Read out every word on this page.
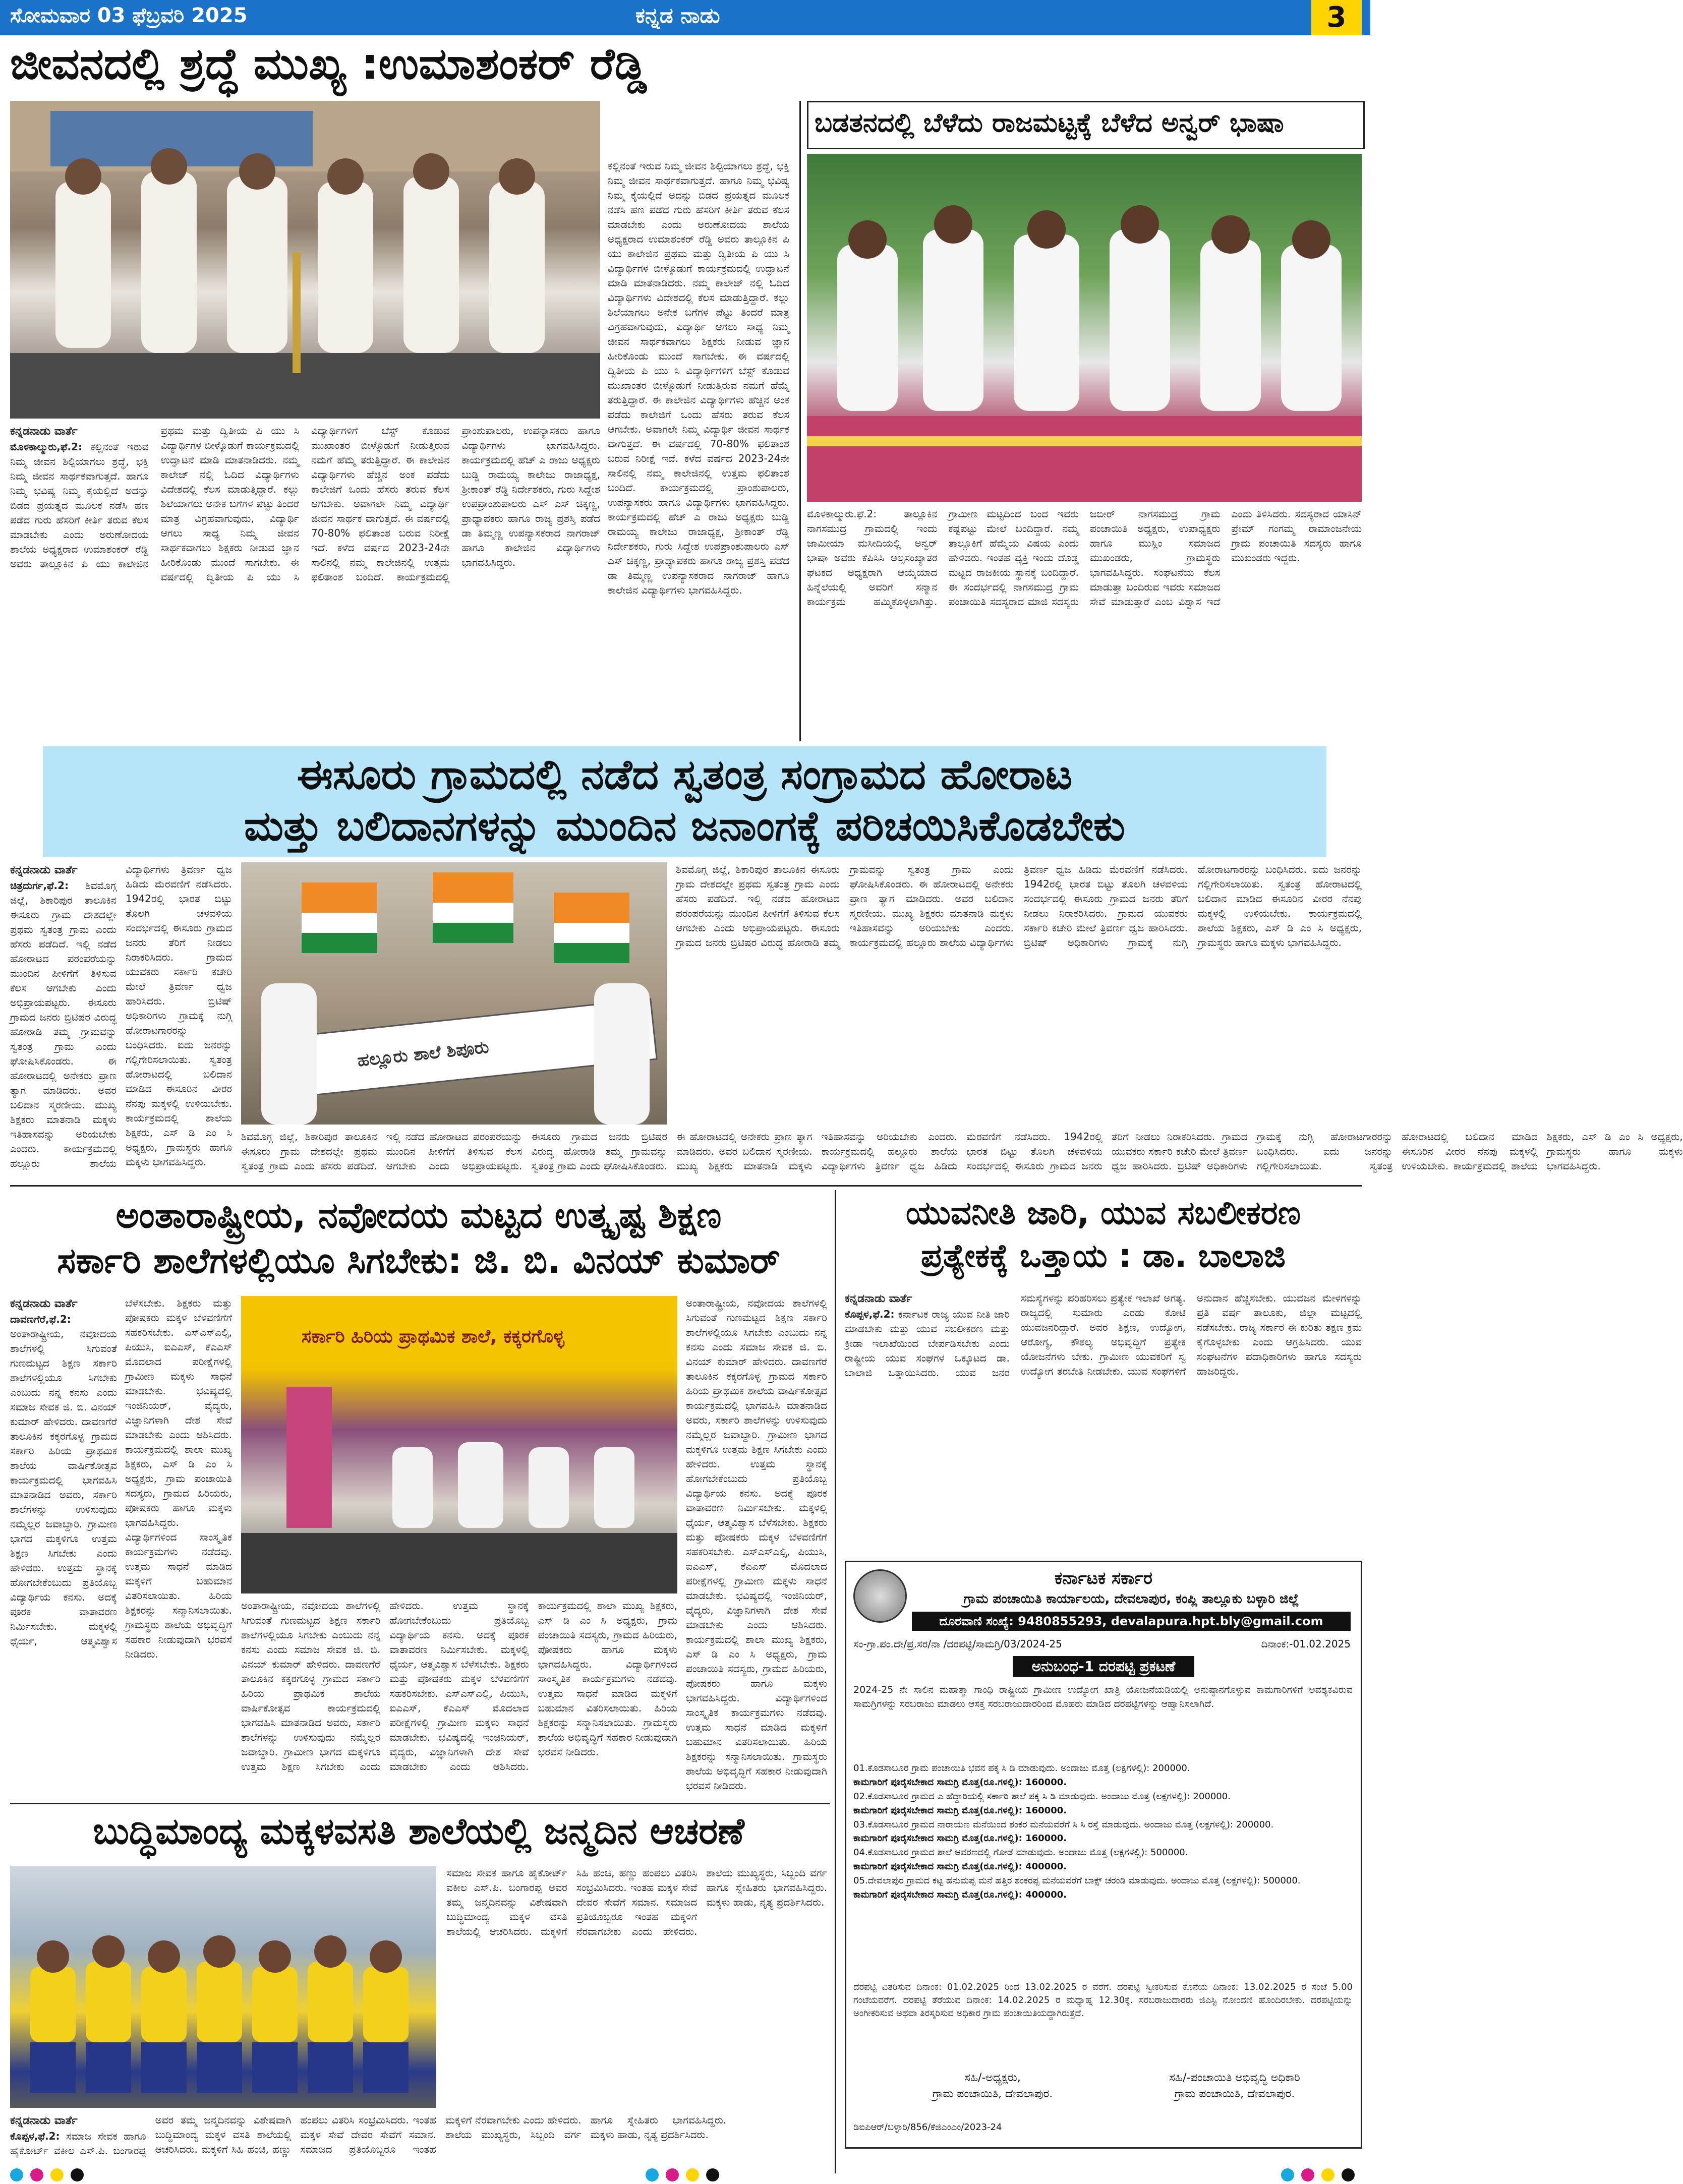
ಸೋಮವಾರ 03 ಫೆಬ್ರವರಿ 2025	ಕನ್ನಡ ನಾಡು	3
ಜೀವನದಲ್ಲಿ ಶ್ರದ್ಧೆ ಮುಖ್ಯ :ಉಮಾಶಂಕರ್ ರೆಡ್ಡಿ
ಕನ್ನಡನಾಡು ವಾರ್ತೆ
ಮೊಳಕಾಲ್ಮುರು,ಫೆ.2: ಕಲ್ಲಿನಂತೆ ಇರುವ ನಿಮ್ಮ ಜೀವನ ಶಿಲ್ಪಿಯಾಗಲು ಶ್ರದ್ಧೆ, ಭಕ್ತಿ ನಿಮ್ಮ ಜೀವನ ಸಾರ್ಥಕವಾಗುತ್ತದೆ. ಹಾಗೂ ನಿಮ್ಮ ಭವಿಷ್ಯ ನಿಮ್ಮ ಕೈಯಲ್ಲಿದೆ ಅದನ್ನು ಬಿಡದ ಪ್ರಯತ್ನದ ಮೂಲಕ ನಡೆಸಿ ಹಣ ಪಡೆದ ಗುರು ಹೆಸರಿಗೆ ಕೀರ್ತಿ ತರುವ ಕೆಲಸ ಮಾಡಬೇಕು ಎಂದು ಅರುಣೋದಯ ಶಾಲೆಯ ಅಧ್ಯಕ್ಷರಾದ ಉಮಾಶಂಕರ್ ರೆಡ್ಡಿ ಅವರು ತಾಲ್ಲೂಕಿನ ಪಿ ಯು ಕಾಲೇಜಿನ ಪ್ರಥಮ ಮತ್ತು ದ್ವಿತೀಯ ಪಿ ಯು ಸಿ ವಿದ್ಯಾರ್ಥಿಗಳ ಬೀಳ್ಕೊಡುಗೆ ಕಾರ್ಯಕ್ರಮದಲ್ಲಿ ಉದ್ಘಾಟನೆ ಮಾಡಿ ಮಾತನಾಡಿದರು. ನಮ್ಮ ಕಾಲೇಜ್ ನಲ್ಲಿ ಓದಿದ ವಿದ್ಯಾರ್ಥಿಗಳು ವಿದೇಶದಲ್ಲಿ ಕೆಲಸ ಮಾಡುತ್ತಿದ್ದಾರೆ. ಕಲ್ಲು ಶಿಲೆಯಾಗಲು ಅನೇಕ ಬಗೆಗಳ ಪೆಟ್ಟು ತಿಂದರೆ ಮಾತ್ರ ವಿಗ್ರಹವಾಗುವುದು, ವಿದ್ಯಾರ್ಥಿ ಆಗಲು ಸಾಧ್ಯ ನಿಮ್ಮ ಜೀವನ ಸಾರ್ಥಕವಾಗಲು ಶಿಕ್ಷಕರು ನೀಡುವ ಜ್ಞಾನ ಹೀರಿಕೊಂಡು ಮುಂದೆ ಸಾಗಬೇಕು. ಈ ವರ್ಷದಲ್ಲಿ ದ್ವಿತೀಯ ಪಿ ಯು ಸಿ ವಿದ್ಯಾರ್ಥಿಗಳಿಗೆ ಬೆಸ್ಟ್ ಕೊಡುವ ಮುಖಾಂತರ ಬೀಳ್ಕೊಡುಗೆ ನೀಡುತ್ತಿರುವ ನಮಗೆ ಹೆಮ್ಮೆ ತರುತ್ತಿದ್ದಾರೆ. ಈ ಕಾಲೇಜಿನ ವಿದ್ಯಾರ್ಥಿಗಳು ಹೆಚ್ಚಿನ ಅಂಕ ಪಡೆದು ಕಾಲೇಜಿಗೆ ಒಂದು ಹೆಸರು ತರುವ ಕೆಲಸ ಆಗಬೇಕು. ಅವಾಗಲೇ ನಿಮ್ಮ ವಿದ್ಯಾರ್ಥಿ ಜೀವನ ಸಾರ್ಥಕ ವಾಗುತ್ತದೆ. ಈ ವರ್ಷದಲ್ಲಿ 70-80% ಫಲಿತಾಂಶ ಬರುವ ನಿರೀಕ್ಷೆ ಇದೆ. ಕಳೆದ ವರ್ಷದ 2023-24ನೇ ಸಾಲಿನಲ್ಲಿ ನಮ್ಮ ಕಾಲೇಜಿನಲ್ಲಿ ಉತ್ತಮ ಫಲಿತಾಂಶ ಬಂದಿದೆ. ಕಾರ್ಯಕ್ರಮದಲ್ಲಿ ಪ್ರಾಂಶುಪಾಲರು, ಉಪನ್ಯಾಸಕರು ಹಾಗೂ ವಿದ್ಯಾರ್ಥಿಗಳು ಭಾಗವಹಿಸಿದ್ದರು. ಕಾರ್ಯಕ್ರಮದಲ್ಲಿ ಹೆಚ್ ಎ ರಾಜು ಅಧ್ಯಕ್ಷರು ಬುಡ್ಡಿ ರಾಮಯ್ಯ ಕಾಲೇಜು ರಾಜಾಧ್ಯಕ್ಷ, ಶ್ರೀಕಾಂತ್ ರೆಡ್ಡಿ ನಿರ್ದೇಶಕರು, ಗುರು ಸಿದ್ದೇಶ ಉಪಪ್ರಾಂಶುಪಾಲರು ಎಸ್ ಎಸ್ ಚಿಕ್ಕಣ್ಣ, ಪ್ರಾಧ್ಯಾಪಕರು ಹಾಗೂ ರಾಜ್ಯ ಪ್ರಶಸ್ತಿ ಪಡೆದ ಡಾ ತಿಮ್ಮಣ್ಣ ಉಪನ್ಯಾಸಕರಾದ ನಾಗರಾಜ್ ಹಾಗೂ ಕಾಲೇಜಿನ ವಿದ್ಯಾರ್ಥಿಗಳು ಭಾಗವಹಿಸಿದ್ದರು.
ಕಲ್ಲಿನಂತೆ ಇರುವ ನಿಮ್ಮ ಜೀವನ ಶಿಲ್ಪಿಯಾಗಲು ಶ್ರದ್ಧೆ, ಭಕ್ತಿ ನಿಮ್ಮ ಜೀವನ ಸಾರ್ಥಕವಾಗುತ್ತದೆ. ಹಾಗೂ ನಿಮ್ಮ ಭವಿಷ್ಯ ನಿಮ್ಮ ಕೈಯಲ್ಲಿದೆ ಅದನ್ನು ಬಿಡದ ಪ್ರಯತ್ನದ ಮೂಲಕ ನಡೆಸಿ ಹಣ ಪಡೆದ ಗುರು ಹೆಸರಿಗೆ ಕೀರ್ತಿ ತರುವ ಕೆಲಸ ಮಾಡಬೇಕು ಎಂದು ಅರುಣೋದಯ ಶಾಲೆಯ ಅಧ್ಯಕ್ಷರಾದ ಉಮಾಶಂಕರ್ ರೆಡ್ಡಿ ಅವರು ತಾಲ್ಲೂಕಿನ ಪಿ ಯು ಕಾಲೇಜಿನ ಪ್ರಥಮ ಮತ್ತು ದ್ವಿತೀಯ ಪಿ ಯು ಸಿ ವಿದ್ಯಾರ್ಥಿಗಳ ಬೀಳ್ಕೊಡುಗೆ ಕಾರ್ಯಕ್ರಮದಲ್ಲಿ ಉದ್ಘಾಟನೆ ಮಾಡಿ ಮಾತನಾಡಿದರು. ನಮ್ಮ ಕಾಲೇಜ್ ನಲ್ಲಿ ಓದಿದ ವಿದ್ಯಾರ್ಥಿಗಳು ವಿದೇಶದಲ್ಲಿ ಕೆಲಸ ಮಾಡುತ್ತಿದ್ದಾರೆ. ಕಲ್ಲು ಶಿಲೆಯಾಗಲು ಅನೇಕ ಬಗೆಗಳ ಪೆಟ್ಟು ತಿಂದರೆ ಮಾತ್ರ ವಿಗ್ರಹವಾಗುವುದು, ವಿದ್ಯಾರ್ಥಿ ಆಗಲು ಸಾಧ್ಯ ನಿಮ್ಮ ಜೀವನ ಸಾರ್ಥಕವಾಗಲು ಶಿಕ್ಷಕರು ನೀಡುವ ಜ್ಞಾನ ಹೀರಿಕೊಂಡು ಮುಂದೆ ಸಾಗಬೇಕು. ಈ ವರ್ಷದಲ್ಲಿ ದ್ವಿತೀಯ ಪಿ ಯು ಸಿ ವಿದ್ಯಾರ್ಥಿಗಳಿಗೆ ಬೆಸ್ಟ್ ಕೊಡುವ ಮುಖಾಂತರ ಬೀಳ್ಕೊಡುಗೆ ನೀಡುತ್ತಿರುವ ನಮಗೆ ಹೆಮ್ಮೆ ತರುತ್ತಿದ್ದಾರೆ. ಈ ಕಾಲೇಜಿನ ವಿದ್ಯಾರ್ಥಿಗಳು ಹೆಚ್ಚಿನ ಅಂಕ ಪಡೆದು ಕಾಲೇಜಿಗೆ ಒಂದು ಹೆಸರು ತರುವ ಕೆಲಸ ಆಗಬೇಕು. ಅವಾಗಲೇ ನಿಮ್ಮ ವಿದ್ಯಾರ್ಥಿ ಜೀವನ ಸಾರ್ಥಕ ವಾಗುತ್ತದೆ. ಈ ವರ್ಷದಲ್ಲಿ 70-80% ಫಲಿತಾಂಶ ಬರುವ ನಿರೀಕ್ಷೆ ಇದೆ. ಕಳೆದ ವರ್ಷದ 2023-24ನೇ ಸಾಲಿನಲ್ಲಿ ನಮ್ಮ ಕಾಲೇಜಿನಲ್ಲಿ ಉತ್ತಮ ಫಲಿತಾಂಶ ಬಂದಿದೆ. ಕಾರ್ಯಕ್ರಮದಲ್ಲಿ ಪ್ರಾಂಶುಪಾಲರು, ಉಪನ್ಯಾಸಕರು ಹಾಗೂ ವಿದ್ಯಾರ್ಥಿಗಳು ಭಾಗವಹಿಸಿದ್ದರು. ಕಾರ್ಯಕ್ರಮದಲ್ಲಿ ಹೆಚ್ ಎ ರಾಜು ಅಧ್ಯಕ್ಷರು ಬುಡ್ಡಿ ರಾಮಯ್ಯ ಕಾಲೇಜು ರಾಜಾಧ್ಯಕ್ಷ, ಶ್ರೀಕಾಂತ್ ರೆಡ್ಡಿ ನಿರ್ದೇಶಕರು, ಗುರು ಸಿದ್ದೇಶ ಉಪಪ್ರಾಂಶುಪಾಲರು ಎಸ್ ಎಸ್ ಚಿಕ್ಕಣ್ಣ, ಪ್ರಾಧ್ಯಾಪಕರು ಹಾಗೂ ರಾಜ್ಯ ಪ್ರಶಸ್ತಿ ಪಡೆದ ಡಾ ತಿಮ್ಮಣ್ಣ ಉಪನ್ಯಾಸಕರಾದ ನಾಗರಾಜ್ ಹಾಗೂ ಕಾಲೇಜಿನ ವಿದ್ಯಾರ್ಥಿಗಳು ಭಾಗವಹಿಸಿದ್ದರು.
ಬಡತನದಲ್ಲಿ ಬೆಳೆದು ರಾಜಮಟ್ಟಕ್ಕೆ ಬೆಳೆದ ಅನ್ವರ್ ಭಾಷಾ
ಮೊಳಕಾಲ್ಮುರು.ಫೆ.2: ತಾಲ್ಲೂಕಿನ ನಾಗಸಮುದ್ರ ಗ್ರಾಮದಲ್ಲಿ ಇಂದು ಜಾಮೀಯಾ ಮಸೀದಿಯಲ್ಲಿ ಅನ್ವರ್ ಭಾಷಾ ಅವರು ಕೆಪಿಸಿಸಿ ಅಲ್ಪಸಂಖ್ಯಾತರ ಘಟಕದ ಅಧ್ಯಕ್ಷರಾಗಿ ಆಯ್ಕೆಯಾದ ಹಿನ್ನೆಲೆಯಲ್ಲಿ ಅವರಿಗೆ ಸನ್ಮಾನ ಕಾರ್ಯಕ್ರಮ ಹಮ್ಮಿಕೊಳ್ಳಲಾಗಿತ್ತು. ಗ್ರಾಮೀಣ ಮಟ್ಟದಿಂದ ಬಂದ ಇವರು ಕಷ್ಟಪಟ್ಟು ಮೇಲೆ ಬಂದಿದ್ದಾರೆ. ನಮ್ಮ ತಾಲ್ಲೂಕಿಗೆ ಹೆಮ್ಮೆಯ ವಿಷಯ ಎಂದು ಹೇಳಿದರು. ಇಂತಹ ವ್ಯಕ್ತಿ ಇಂದು ದೊಡ್ಡ ಮಟ್ಟದ ರಾಜಕೀಯ ಸ್ಥಾನಕ್ಕೆ ಬಂದಿದ್ದಾರೆ. ಈ ಸಂದರ್ಭದಲ್ಲಿ ನಾಗಸಮುದ್ರ ಗ್ರಾಮ ಪಂಚಾಯಿತಿ ಸದಸ್ಯರಾದ ಮಾಜಿ ಸದಸ್ಯರು ಜಬೀರ್ ನಾಗಸಮುದ್ರ ಗ್ರಾಮ ಪಂಚಾಯಿತಿ ಅಧ್ಯಕ್ಷರು, ಉಪಾಧ್ಯಕ್ಷರು ಹಾಗೂ ಮುಸ್ಲಿಂ ಸಮಾಜದ ಮುಖಂಡರು, ಗ್ರಾಮಸ್ಥರು ಭಾಗವಹಿಸಿದ್ದರು. ಸಂಘಟನೆಯ ಕೆಲಸ ಮಾಡುತ್ತಾ ಬಂದಿರುವ ಇವರು ಸಮಾಜದ ಸೇವೆ ಮಾಡುತ್ತಾರೆ ಎಂಬ ವಿಶ್ವಾಸ ಇದೆ ಎಂದು ತಿಳಿಸಿದರು. ಸದಸ್ಯರಾದ ಯಾಸಿನ್ ಪ್ರೇಮ್ ಗಂಗಮ್ಮ ರಾಮಾಂಜನೇಯ ಗ್ರಾಮ ಪಂಚಾಯಿತಿ ಸದಸ್ಯರು ಹಾಗೂ ಮುಖಂಡರು ಇದ್ದರು.
ಈಸೂರು ಗ್ರಾಮದಲ್ಲಿ ನಡೆದ ಸ್ವತಂತ್ರ ಸಂಗ್ರಾಮದ ಹೋರಾಟ
ಮತ್ತು ಬಲಿದಾನಗಳನ್ನು ಮುಂದಿನ ಜನಾಂಗಕ್ಕೆ ಪರಿಚಯಿಸಿಕೊಡಬೇಕು
ಕನ್ನಡನಾಡು ವಾರ್ತೆ
ಚಿತ್ರದುರ್ಗ,ಫೆ.2: ಶಿವಮೊಗ್ಗ ಜಿಲ್ಲೆ, ಶಿಕಾರಿಪುರ ತಾಲೂಕಿನ ಈಸೂರು ಗ್ರಾಮ ದೇಶದಲ್ಲೇ ಪ್ರಥಮ ಸ್ವತಂತ್ರ ಗ್ರಾಮ ಎಂದು ಹೆಸರು ಪಡೆದಿದೆ. ಇಲ್ಲಿ ನಡೆದ ಹೋರಾಟದ ಪರಂಪರೆಯನ್ನು ಮುಂದಿನ ಪೀಳಿಗೆಗೆ ತಿಳಿಸುವ ಕೆಲಸ ಆಗಬೇಕು ಎಂದು ಅಭಿಪ್ರಾಯಪಟ್ಟರು. ಈಸೂರು ಗ್ರಾಮದ ಜನರು ಬ್ರಿಟಿಷರ ವಿರುದ್ಧ ಹೋರಾಡಿ ತಮ್ಮ ಗ್ರಾಮವನ್ನು ಸ್ವತಂತ್ರ ಗ್ರಾಮ ಎಂದು ಘೋಷಿಸಿಕೊಂಡರು. ಈ ಹೋರಾಟದಲ್ಲಿ ಅನೇಕರು ಪ್ರಾಣ ತ್ಯಾಗ ಮಾಡಿದರು. ಅವರ ಬಲಿದಾನ ಸ್ಮರಣೀಯ. ಮುಖ್ಯ ಶಿಕ್ಷಕರು ಮಾತನಾಡಿ ಮಕ್ಕಳು ಇತಿಹಾಸವನ್ನು ಅರಿಯಬೇಕು ಎಂದರು. ಕಾರ್ಯಕ್ರಮದಲ್ಲಿ ಹಲ್ಲೂರು ಶಾಲೆಯ ವಿದ್ಯಾರ್ಥಿಗಳು ತ್ರಿವರ್ಣ ಧ್ವಜ ಹಿಡಿದು ಮೆರವಣಿಗೆ ನಡೆಸಿದರು. 1942ರಲ್ಲಿ ಭಾರತ ಬಿಟ್ಟು ತೊಲಗಿ ಚಳವಳಿಯ ಸಂದರ್ಭದಲ್ಲಿ ಈಸೂರು ಗ್ರಾಮದ ಜನರು ತೆರಿಗೆ ನೀಡಲು ನಿರಾಕರಿಸಿದರು. ಗ್ರಾಮದ ಯುವಕರು ಸರ್ಕಾರಿ ಕಚೇರಿ ಮೇಲೆ ತ್ರಿವರ್ಣ ಧ್ವಜ ಹಾರಿಸಿದರು. ಬ್ರಿಟಿಷ್ ಅಧಿಕಾರಿಗಳು ಗ್ರಾಮಕ್ಕೆ ನುಗ್ಗಿ ಹೋರಾಟಗಾರರನ್ನು ಬಂಧಿಸಿದರು. ಐದು ಜನರನ್ನು ಗಲ್ಲಿಗೇರಿಸಲಾಯಿತು. ಸ್ವತಂತ್ರ ಹೋರಾಟದಲ್ಲಿ ಬಲಿದಾನ ಮಾಡಿದ ಈಸೂರಿನ ವೀರರ ನೆನಪು ಮಕ್ಕಳಲ್ಲಿ ಉಳಿಯಬೇಕು. ಕಾರ್ಯಕ್ರಮದಲ್ಲಿ ಶಾಲೆಯ ಶಿಕ್ಷಕರು, ಎಸ್ ಡಿ ಎಂ ಸಿ ಅಧ್ಯಕ್ಷರು, ಗ್ರಾಮಸ್ಥರು ಹಾಗೂ ಮಕ್ಕಳು ಭಾಗವಹಿಸಿದ್ದರು.
ಹಲ್ಲೂರು ಶಾಲೆ ಶಿಪೂರು
ಶಿವಮೊಗ್ಗ ಜಿಲ್ಲೆ, ಶಿಕಾರಿಪುರ ತಾಲೂಕಿನ ಈಸೂರು ಗ್ರಾಮ ದೇಶದಲ್ಲೇ ಪ್ರಥಮ ಸ್ವತಂತ್ರ ಗ್ರಾಮ ಎಂದು ಹೆಸರು ಪಡೆದಿದೆ. ಇಲ್ಲಿ ನಡೆದ ಹೋರಾಟದ ಪರಂಪರೆಯನ್ನು ಮುಂದಿನ ಪೀಳಿಗೆಗೆ ತಿಳಿಸುವ ಕೆಲಸ ಆಗಬೇಕು ಎಂದು ಅಭಿಪ್ರಾಯಪಟ್ಟರು. ಈಸೂರು ಗ್ರಾಮದ ಜನರು ಬ್ರಿಟಿಷರ ವಿರುದ್ಧ ಹೋರಾಡಿ ತಮ್ಮ ಗ್ರಾಮವನ್ನು ಸ್ವತಂತ್ರ ಗ್ರಾಮ ಎಂದು ಘೋಷಿಸಿಕೊಂಡರು. ಈ ಹೋರಾಟದಲ್ಲಿ ಅನೇಕರು ಪ್ರಾಣ ತ್ಯಾಗ ಮಾಡಿದರು. ಅವರ ಬಲಿದಾನ ಸ್ಮರಣೀಯ. ಮುಖ್ಯ ಶಿಕ್ಷಕರು ಮಾತನಾಡಿ ಮಕ್ಕಳು ಇತಿಹಾಸವನ್ನು ಅರಿಯಬೇಕು ಎಂದರು. ಕಾರ್ಯಕ್ರಮದಲ್ಲಿ ಹಲ್ಲೂರು ಶಾಲೆಯ ವಿದ್ಯಾರ್ಥಿಗಳು ತ್ರಿವರ್ಣ ಧ್ವಜ ಹಿಡಿದು ಮೆರವಣಿಗೆ ನಡೆಸಿದರು. 1942ರಲ್ಲಿ ಭಾರತ ಬಿಟ್ಟು ತೊಲಗಿ ಚಳವಳಿಯ ಸಂದರ್ಭದಲ್ಲಿ ಈಸೂರು ಗ್ರಾಮದ ಜನರು ತೆರಿಗೆ ನೀಡಲು ನಿರಾಕರಿಸಿದರು. ಗ್ರಾಮದ ಯುವಕರು ಸರ್ಕಾರಿ ಕಚೇರಿ ಮೇಲೆ ತ್ರಿವರ್ಣ ಧ್ವಜ ಹಾರಿಸಿದರು. ಬ್ರಿಟಿಷ್ ಅಧಿಕಾರಿಗಳು ಗ್ರಾಮಕ್ಕೆ ನುಗ್ಗಿ ಹೋರಾಟಗಾರರನ್ನು ಬಂಧಿಸಿದರು. ಐದು ಜನರನ್ನು ಗಲ್ಲಿಗೇರಿಸಲಾಯಿತು. ಸ್ವತಂತ್ರ ಹೋರಾಟದಲ್ಲಿ ಬಲಿದಾನ ಮಾಡಿದ ಈಸೂರಿನ ವೀರರ ನೆನಪು ಮಕ್ಕಳಲ್ಲಿ ಉಳಿಯಬೇಕು. ಕಾರ್ಯಕ್ರಮದಲ್ಲಿ ಶಾಲೆಯ ಶಿಕ್ಷಕರು, ಎಸ್ ಡಿ ಎಂ ಸಿ ಅಧ್ಯಕ್ಷರು, ಗ್ರಾಮಸ್ಥರು ಹಾಗೂ ಮಕ್ಕಳು ಭಾಗವಹಿಸಿದ್ದರು.
ಶಿವಮೊಗ್ಗ ಜಿಲ್ಲೆ, ಶಿಕಾರಿಪುರ ತಾಲೂಕಿನ ಈಸೂರು ಗ್ರಾಮ ದೇಶದಲ್ಲೇ ಪ್ರಥಮ ಸ್ವತಂತ್ರ ಗ್ರಾಮ ಎಂದು ಹೆಸರು ಪಡೆದಿದೆ. ಇಲ್ಲಿ ನಡೆದ ಹೋರಾಟದ ಪರಂಪರೆಯನ್ನು ಮುಂದಿನ ಪೀಳಿಗೆಗೆ ತಿಳಿಸುವ ಕೆಲಸ ಆಗಬೇಕು ಎಂದು ಅಭಿಪ್ರಾಯಪಟ್ಟರು. ಈಸೂರು ಗ್ರಾಮದ ಜನರು ಬ್ರಿಟಿಷರ ವಿರುದ್ಧ ಹೋರಾಡಿ ತಮ್ಮ ಗ್ರಾಮವನ್ನು ಸ್ವತಂತ್ರ ಗ್ರಾಮ ಎಂದು ಘೋಷಿಸಿಕೊಂಡರು. ಈ ಹೋರಾಟದಲ್ಲಿ ಅನೇಕರು ಪ್ರಾಣ ತ್ಯಾಗ ಮಾಡಿದರು. ಅವರ ಬಲಿದಾನ ಸ್ಮರಣೀಯ. ಮುಖ್ಯ ಶಿಕ್ಷಕರು ಮಾತನಾಡಿ ಮಕ್ಕಳು ಇತಿಹಾಸವನ್ನು ಅರಿಯಬೇಕು ಎಂದರು. ಕಾರ್ಯಕ್ರಮದಲ್ಲಿ ಹಲ್ಲೂರು ಶಾಲೆಯ ವಿದ್ಯಾರ್ಥಿಗಳು ತ್ರಿವರ್ಣ ಧ್ವಜ ಹಿಡಿದು ಮೆರವಣಿಗೆ ನಡೆಸಿದರು. 1942ರಲ್ಲಿ ಭಾರತ ಬಿಟ್ಟು ತೊಲಗಿ ಚಳವಳಿಯ ಸಂದರ್ಭದಲ್ಲಿ ಈಸೂರು ಗ್ರಾಮದ ಜನರು ತೆರಿಗೆ ನೀಡಲು ನಿರಾಕರಿಸಿದರು. ಗ್ರಾಮದ ಯುವಕರು ಸರ್ಕಾರಿ ಕಚೇರಿ ಮೇಲೆ ತ್ರಿವರ್ಣ ಧ್ವಜ ಹಾರಿಸಿದರು. ಬ್ರಿಟಿಷ್ ಅಧಿಕಾರಿಗಳು ಗ್ರಾಮಕ್ಕೆ ನುಗ್ಗಿ ಹೋರಾಟಗಾರರನ್ನು ಬಂಧಿಸಿದರು. ಐದು ಜನರನ್ನು ಗಲ್ಲಿಗೇರಿಸಲಾಯಿತು. ಸ್ವತಂತ್ರ ಹೋರಾಟದಲ್ಲಿ ಬಲಿದಾನ ಮಾಡಿದ ಈಸೂರಿನ ವೀರರ ನೆನಪು ಮಕ್ಕಳಲ್ಲಿ ಉಳಿಯಬೇಕು. ಕಾರ್ಯಕ್ರಮದಲ್ಲಿ ಶಾಲೆಯ ಶಿಕ್ಷಕರು, ಎಸ್ ಡಿ ಎಂ ಸಿ ಅಧ್ಯಕ್ಷರು, ಗ್ರಾಮಸ್ಥರು ಹಾಗೂ ಮಕ್ಕಳು ಭಾಗವಹಿಸಿದ್ದರು.
ಅಂತಾರಾಷ್ಟ್ರೀಯ, ನವೋದಯ ಮಟ್ಟದ ಉತ್ಕೃಷ್ಟ ಶಿಕ್ಷಣ
ಸರ್ಕಾರಿ ಶಾಲೆಗಳಲ್ಲಿಯೂ ಸಿಗಬೇಕು: ಜಿ. ಬಿ. ವಿನಯ್ ಕುಮಾರ್
ಕನ್ನಡನಾಡು ವಾರ್ತೆ
ದಾವಣಗೆರೆ,ಫೆ.2: ಅಂತಾರಾಷ್ಟ್ರೀಯ, ನವೋದಯ ಶಾಲೆಗಳಲ್ಲಿ ಸಿಗುವಂತೆ ಗುಣಮಟ್ಟದ ಶಿಕ್ಷಣ ಸರ್ಕಾರಿ ಶಾಲೆಗಳಲ್ಲಿಯೂ ಸಿಗಬೇಕು ಎಂಬುದು ನನ್ನ ಕನಸು ಎಂದು ಸಮಾಜ ಸೇವಕ ಜಿ. ಬಿ. ವಿನಯ್ ಕುಮಾರ್ ಹೇಳಿದರು. ದಾವಣಗೆರೆ ತಾಲೂಕಿನ ಕಕ್ಕರಗೊಳ್ಳ ಗ್ರಾಮದ ಸರ್ಕಾರಿ ಹಿರಿಯ ಪ್ರಾಥಮಿಕ ಶಾಲೆಯ ವಾರ್ಷಿಕೋತ್ಸವ ಕಾರ್ಯಕ್ರಮದಲ್ಲಿ ಭಾಗವಹಿಸಿ ಮಾತನಾಡಿದ ಅವರು, ಸರ್ಕಾರಿ ಶಾಲೆಗಳನ್ನು ಉಳಿಸುವುದು ನಮ್ಮೆಲ್ಲರ ಜವಾಬ್ದಾರಿ. ಗ್ರಾಮೀಣ ಭಾಗದ ಮಕ್ಕಳಿಗೂ ಉತ್ತಮ ಶಿಕ್ಷಣ ಸಿಗಬೇಕು ಎಂದು ಹೇಳಿದರು. ಉತ್ತಮ ಸ್ಥಾನಕ್ಕೆ ಹೋಗಬೇಕೆಂಬುದು ಪ್ರತಿಯೊಬ್ಬ ವಿದ್ಯಾರ್ಥಿಯ ಕನಸು. ಅದಕ್ಕೆ ಪೂರಕ ವಾತಾವರಣ ನಿರ್ಮಿಸಬೇಕು. ಮಕ್ಕಳಲ್ಲಿ ಧೈರ್ಯ, ಆತ್ಮವಿಶ್ವಾಸ ಬೆಳೆಸಬೇಕು. ಶಿಕ್ಷಕರು ಮತ್ತು ಪೋಷಕರು ಮಕ್ಕಳ ಬೆಳವಣಿಗೆಗೆ ಸಹಕರಿಸಬೇಕು. ಎಸ್ಎಸ್ಎಲ್ಸಿ, ಪಿಯುಸಿ, ಐಎಎಸ್, ಕೆಎಎಸ್ ಮೊದಲಾದ ಪರೀಕ್ಷೆಗಳಲ್ಲಿ ಗ್ರಾಮೀಣ ಮಕ್ಕಳು ಸಾಧನೆ ಮಾಡಬೇಕು. ಭವಿಷ್ಯದಲ್ಲಿ ಇಂಜಿನಿಯರ್, ವೈದ್ಯರು, ವಿಜ್ಞಾನಿಗಳಾಗಿ ದೇಶ ಸೇವೆ ಮಾಡಬೇಕು ಎಂದು ಆಶಿಸಿದರು. ಕಾರ್ಯಕ್ರಮದಲ್ಲಿ ಶಾಲಾ ಮುಖ್ಯ ಶಿಕ್ಷಕರು, ಎಸ್ ಡಿ ಎಂ ಸಿ ಅಧ್ಯಕ್ಷರು, ಗ್ರಾಮ ಪಂಚಾಯಿತಿ ಸದಸ್ಯರು, ಗ್ರಾಮದ ಹಿರಿಯರು, ಪೋಷಕರು ಹಾಗೂ ಮಕ್ಕಳು ಭಾಗವಹಿಸಿದ್ದರು. ವಿದ್ಯಾರ್ಥಿಗಳಿಂದ ಸಾಂಸ್ಕೃತಿಕ ಕಾರ್ಯಕ್ರಮಗಳು ನಡೆದವು. ಉತ್ತಮ ಸಾಧನೆ ಮಾಡಿದ ಮಕ್ಕಳಿಗೆ ಬಹುಮಾನ ವಿತರಿಸಲಾಯಿತು. ಹಿರಿಯ ಶಿಕ್ಷಕರನ್ನು ಸನ್ಮಾನಿಸಲಾಯಿತು. ಗ್ರಾಮಸ್ಥರು ಶಾಲೆಯ ಅಭಿವೃದ್ಧಿಗೆ ಸಹಕಾರ ನೀಡುವುದಾಗಿ ಭರವಸೆ ನೀಡಿದರು.
ಸರ್ಕಾರಿ ಹಿರಿಯ ಪ್ರಾಥಮಿಕ ಶಾಲೆ, ಕಕ್ಕರಗೊಳ್ಳ
ಅಂತಾರಾಷ್ಟ್ರೀಯ, ನವೋದಯ ಶಾಲೆಗಳಲ್ಲಿ ಸಿಗುವಂತೆ ಗುಣಮಟ್ಟದ ಶಿಕ್ಷಣ ಸರ್ಕಾರಿ ಶಾಲೆಗಳಲ್ಲಿಯೂ ಸಿಗಬೇಕು ಎಂಬುದು ನನ್ನ ಕನಸು ಎಂದು ಸಮಾಜ ಸೇವಕ ಜಿ. ಬಿ. ವಿನಯ್ ಕುಮಾರ್ ಹೇಳಿದರು. ದಾವಣಗೆರೆ ತಾಲೂಕಿನ ಕಕ್ಕರಗೊಳ್ಳ ಗ್ರಾಮದ ಸರ್ಕಾರಿ ಹಿರಿಯ ಪ್ರಾಥಮಿಕ ಶಾಲೆಯ ವಾರ್ಷಿಕೋತ್ಸವ ಕಾರ್ಯಕ್ರಮದಲ್ಲಿ ಭಾಗವಹಿಸಿ ಮಾತನಾಡಿದ ಅವರು, ಸರ್ಕಾರಿ ಶಾಲೆಗಳನ್ನು ಉಳಿಸುವುದು ನಮ್ಮೆಲ್ಲರ ಜವಾಬ್ದಾರಿ. ಗ್ರಾಮೀಣ ಭಾಗದ ಮಕ್ಕಳಿಗೂ ಉತ್ತಮ ಶಿಕ್ಷಣ ಸಿಗಬೇಕು ಎಂದು ಹೇಳಿದರು. ಉತ್ತಮ ಸ್ಥಾನಕ್ಕೆ ಹೋಗಬೇಕೆಂಬುದು ಪ್ರತಿಯೊಬ್ಬ ವಿದ್ಯಾರ್ಥಿಯ ಕನಸು. ಅದಕ್ಕೆ ಪೂರಕ ವಾತಾವರಣ ನಿರ್ಮಿಸಬೇಕು. ಮಕ್ಕಳಲ್ಲಿ ಧೈರ್ಯ, ಆತ್ಮವಿಶ್ವಾಸ ಬೆಳೆಸಬೇಕು. ಶಿಕ್ಷಕರು ಮತ್ತು ಪೋಷಕರು ಮಕ್ಕಳ ಬೆಳವಣಿಗೆಗೆ ಸಹಕರಿಸಬೇಕು. ಎಸ್ಎಸ್ಎಲ್ಸಿ, ಪಿಯುಸಿ, ಐಎಎಸ್, ಕೆಎಎಸ್ ಮೊದಲಾದ ಪರೀಕ್ಷೆಗಳಲ್ಲಿ ಗ್ರಾಮೀಣ ಮಕ್ಕಳು ಸಾಧನೆ ಮಾಡಬೇಕು. ಭವಿಷ್ಯದಲ್ಲಿ ಇಂಜಿನಿಯರ್, ವೈದ್ಯರು, ವಿಜ್ಞಾನಿಗಳಾಗಿ ದೇಶ ಸೇವೆ ಮಾಡಬೇಕು ಎಂದು ಆಶಿಸಿದರು. ಕಾರ್ಯಕ್ರಮದಲ್ಲಿ ಶಾಲಾ ಮುಖ್ಯ ಶಿಕ್ಷಕರು, ಎಸ್ ಡಿ ಎಂ ಸಿ ಅಧ್ಯಕ್ಷರು, ಗ್ರಾಮ ಪಂಚಾಯಿತಿ ಸದಸ್ಯರು, ಗ್ರಾಮದ ಹಿರಿಯರು, ಪೋಷಕರು ಹಾಗೂ ಮಕ್ಕಳು ಭಾಗವಹಿಸಿದ್ದರು. ವಿದ್ಯಾರ್ಥಿಗಳಿಂದ ಸಾಂಸ್ಕೃತಿಕ ಕಾರ್ಯಕ್ರಮಗಳು ನಡೆದವು. ಉತ್ತಮ ಸಾಧನೆ ಮಾಡಿದ ಮಕ್ಕಳಿಗೆ ಬಹುಮಾನ ವಿತರಿಸಲಾಯಿತು. ಹಿರಿಯ ಶಿಕ್ಷಕರನ್ನು ಸನ್ಮಾನಿಸಲಾಯಿತು. ಗ್ರಾಮಸ್ಥರು ಶಾಲೆಯ ಅಭಿವೃದ್ಧಿಗೆ ಸಹಕಾರ ನೀಡುವುದಾಗಿ ಭರವಸೆ ನೀಡಿದರು.
ಅಂತಾರಾಷ್ಟ್ರೀಯ, ನವೋದಯ ಶಾಲೆಗಳಲ್ಲಿ ಸಿಗುವಂತೆ ಗುಣಮಟ್ಟದ ಶಿಕ್ಷಣ ಸರ್ಕಾರಿ ಶಾಲೆಗಳಲ್ಲಿಯೂ ಸಿಗಬೇಕು ಎಂಬುದು ನನ್ನ ಕನಸು ಎಂದು ಸಮಾಜ ಸೇವಕ ಜಿ. ಬಿ. ವಿನಯ್ ಕುಮಾರ್ ಹೇಳಿದರು. ದಾವಣಗೆರೆ ತಾಲೂಕಿನ ಕಕ್ಕರಗೊಳ್ಳ ಗ್ರಾಮದ ಸರ್ಕಾರಿ ಹಿರಿಯ ಪ್ರಾಥಮಿಕ ಶಾಲೆಯ ವಾರ್ಷಿಕೋತ್ಸವ ಕಾರ್ಯಕ್ರಮದಲ್ಲಿ ಭಾಗವಹಿಸಿ ಮಾತನಾಡಿದ ಅವರು, ಸರ್ಕಾರಿ ಶಾಲೆಗಳನ್ನು ಉಳಿಸುವುದು ನಮ್ಮೆಲ್ಲರ ಜವಾಬ್ದಾರಿ. ಗ್ರಾಮೀಣ ಭಾಗದ ಮಕ್ಕಳಿಗೂ ಉತ್ತಮ ಶಿಕ್ಷಣ ಸಿಗಬೇಕು ಎಂದು ಹೇಳಿದರು. ಉತ್ತಮ ಸ್ಥಾನಕ್ಕೆ ಹೋಗಬೇಕೆಂಬುದು ಪ್ರತಿಯೊಬ್ಬ ವಿದ್ಯಾರ್ಥಿಯ ಕನಸು. ಅದಕ್ಕೆ ಪೂರಕ ವಾತಾವರಣ ನಿರ್ಮಿಸಬೇಕು. ಮಕ್ಕಳಲ್ಲಿ ಧೈರ್ಯ, ಆತ್ಮವಿಶ್ವಾಸ ಬೆಳೆಸಬೇಕು. ಶಿಕ್ಷಕರು ಮತ್ತು ಪೋಷಕರು ಮಕ್ಕಳ ಬೆಳವಣಿಗೆಗೆ ಸಹಕರಿಸಬೇಕು. ಎಸ್ಎಸ್ಎಲ್ಸಿ, ಪಿಯುಸಿ, ಐಎಎಸ್, ಕೆಎಎಸ್ ಮೊದಲಾದ ಪರೀಕ್ಷೆಗಳಲ್ಲಿ ಗ್ರಾಮೀಣ ಮಕ್ಕಳು ಸಾಧನೆ ಮಾಡಬೇಕು. ಭವಿಷ್ಯದಲ್ಲಿ ಇಂಜಿನಿಯರ್, ವೈದ್ಯರು, ವಿಜ್ಞಾನಿಗಳಾಗಿ ದೇಶ ಸೇವೆ ಮಾಡಬೇಕು ಎಂದು ಆಶಿಸಿದರು. ಕಾರ್ಯಕ್ರಮದಲ್ಲಿ ಶಾಲಾ ಮುಖ್ಯ ಶಿಕ್ಷಕರು, ಎಸ್ ಡಿ ಎಂ ಸಿ ಅಧ್ಯಕ್ಷರು, ಗ್ರಾಮ ಪಂಚಾಯಿತಿ ಸದಸ್ಯರು, ಗ್ರಾಮದ ಹಿರಿಯರು, ಪೋಷಕರು ಹಾಗೂ ಮಕ್ಕಳು ಭಾಗವಹಿಸಿದ್ದರು. ವಿದ್ಯಾರ್ಥಿಗಳಿಂದ ಸಾಂಸ್ಕೃತಿಕ ಕಾರ್ಯಕ್ರಮಗಳು ನಡೆದವು. ಉತ್ತಮ ಸಾಧನೆ ಮಾಡಿದ ಮಕ್ಕಳಿಗೆ ಬಹುಮಾನ ವಿತರಿಸಲಾಯಿತು. ಹಿರಿಯ ಶಿಕ್ಷಕರನ್ನು ಸನ್ಮಾನಿಸಲಾಯಿತು. ಗ್ರಾಮಸ್ಥರು ಶಾಲೆಯ ಅಭಿವೃದ್ಧಿಗೆ ಸಹಕಾರ ನೀಡುವುದಾಗಿ ಭರವಸೆ ನೀಡಿದರು.
ಯುವನೀತಿ ಜಾರಿ, ಯುವ ಸಬಲೀಕರಣ
ಪ್ರತ್ಯೇಕಕ್ಕೆ ಒತ್ತಾಯ : ಡಾ. ಬಾಲಾಜಿ
ಕನ್ನಡನಾಡು ವಾರ್ತೆ
ಕೊಪ್ಪಳ,ಫೆ.2: ಕರ್ನಾಟಕ ರಾಜ್ಯ ಯುವ ನೀತಿ ಜಾರಿ ಮಾಡಬೇಕು ಮತ್ತು ಯುವ ಸಬಲೀಕರಣ ಮತ್ತು ಕ್ರೀಡಾ ಇಲಾಖೆಯಿಂದ ಬೇರ್ಪಡಿಸಬೇಕು ಎಂದು ರಾಷ್ಟ್ರೀಯ ಯುವ ಸಂಘಗಳ ಒಕ್ಕೂಟದ ಡಾ. ಬಾಲಾಜಿ ಒತ್ತಾಯಿಸಿದರು. ಯುವ ಜನರ ಸಮಸ್ಯೆಗಳನ್ನು ಪರಿಹರಿಸಲು ಪ್ರತ್ಯೇಕ ಇಲಾಖೆ ಅಗತ್ಯ. ರಾಜ್ಯದಲ್ಲಿ ಸುಮಾರು ಎರಡು ಕೋಟಿ ಯುವಜನರಿದ್ದಾರೆ. ಅವರ ಶಿಕ್ಷಣ, ಉದ್ಯೋಗ, ಆರೋಗ್ಯ, ಕೌಶಲ್ಯ ಅಭಿವೃದ್ಧಿಗೆ ಪ್ರತ್ಯೇಕ ಯೋಜನೆಗಳು ಬೇಕು. ಗ್ರಾಮೀಣ ಯುವಕರಿಗೆ ಸ್ವ ಉದ್ಯೋಗ ತರಬೇತಿ ನೀಡಬೇಕು. ಯುವ ಸಂಘಗಳಿಗೆ ಅನುದಾನ ಹೆಚ್ಚಿಸಬೇಕು. ಯುವಜನ ಮೇಳಗಳನ್ನು ಪ್ರತಿ ವರ್ಷ ತಾಲೂಕು, ಜಿಲ್ಲಾ ಮಟ್ಟದಲ್ಲಿ ನಡೆಸಬೇಕು. ರಾಜ್ಯ ಸರ್ಕಾರ ಈ ಕುರಿತು ತಕ್ಷಣ ಕ್ರಮ ಕೈಗೊಳ್ಳಬೇಕು ಎಂದು ಆಗ್ರಹಿಸಿದರು. ಯುವ ಸಂಘಟನೆಗಳ ಪದಾಧಿಕಾರಿಗಳು ಹಾಗೂ ಸದಸ್ಯರು ಹಾಜರಿದ್ದರು.
ಕರ್ನಾಟಕ ಸರ್ಕಾರ
ಗ್ರಾಮ ಪಂಚಾಯಿತಿ ಕಾರ್ಯಾಲಯ, ದೇವಲಾಪುರ, ಕಂಪ್ಲಿ ತಾಲ್ಲೂಕು ಬಳ್ಳಾರಿ ಜಿಲ್ಲೆ
ದೂರವಾಣಿ ಸಂಖ್ಯೆ: 9480855293, devalapura.hpt.bly@gmail.com
ಸಂ-ಗ್ರಾ.ಪಂ.ದೇ/ಪ್ರ.ಸರ/ನಾ /ದರಪಟ್ಟಿ/ಸಾಮಗ್ರಿ/03/2024-25	ದಿನಾಂಕ:-01.02.2025
ಅನುಬಂಧ-1 ದರಪಟ್ಟಿ ಪ್ರಕಟಣೆ
2024-25 ನೇ ಸಾಲಿನ ಮಹಾತ್ಮಾ ಗಾಂಧಿ ರಾಷ್ಟ್ರೀಯ ಗ್ರಾಮೀಣ ಉದ್ಯೋಗ ಖಾತ್ರಿ ಯೋಜನೆಯಡಿಯಲ್ಲಿ ಅನುಷ್ಠಾನಗೊಳ್ಳುವ ಕಾಮಗಾರಿಗಳಿಗೆ ಅವಶ್ಯಕವಿರುವ ಸಾಮಗ್ರಿಗಳನ್ನು ಸರಬರಾಜು ಮಾಡಲು ಆಸಕ್ತ ಸರಬರಾಜುದಾರರಿಂದ ಮೊಹರು ಮಾಡಿದ ದರಪಟ್ಟಿಗಳನ್ನು ಆಹ್ವಾನಿಸಲಾಗಿದೆ.

01.ಕೊಡಸಾಬೂರ ಗ್ರಾಮ ಪಂಚಾಯಿತಿ ಭವನ ಪಕ್ಕ ಸಿ ಡಿ ಮಾಡುವುದು. ಅಂದಾಜು ಮೊತ್ತ (ಲಕ್ಷಗಳಲ್ಲಿ): 200000.

ಕಾಮಗಾರಿಗೆ ಪೂರೈಸಬೇಕಾದ ಸಾಮಗ್ರಿ ಮೊತ್ತ(ರೂ.ಗಳಲ್ಲಿ): 160000.

02.ಕೊಡಸಾಬೂರ ಗ್ರಾಮದ ಎ ಹೆದ್ದಾರಿಯಲ್ಲಿ ಸರ್ಕಾರಿ ಶಾಲೆ ಪಕ್ಕ ಸಿ ಡಿ ಮಾಡುವುದು. ಅಂದಾಜು ಮೊತ್ತ (ಲಕ್ಷಗಳಲ್ಲಿ): 200000.

ಕಾಮಗಾರಿಗೆ ಪೂರೈಸಬೇಕಾದ ಸಾಮಗ್ರಿ ಮೊತ್ತ(ರೂ.ಗಳಲ್ಲಿ): 160000.

03.ಕೊಡಸಾಬೂರ ಗ್ರಾಮದ ನಾರಾಯಣ ಮನೆಯಿಂದ ಶಂಕರ ಮನೆಯವರೆಗೆ ಸಿ ಸಿ ರಸ್ತೆ ಮಾಡುವುದು. ಅಂದಾಜು ಮೊತ್ತ (ಲಕ್ಷಗಳಲ್ಲಿ): 200000.

ಕಾಮಗಾರಿಗೆ ಪೂರೈಸಬೇಕಾದ ಸಾಮಗ್ರಿ ಮೊತ್ತ(ರೂ.ಗಳಲ್ಲಿ): 160000.

04.ಕೊಡಸಾಬೂರ ಗ್ರಾಮದ ಶಾಲೆ ಆವರಣದಲ್ಲಿ ಗೋಡೆ ಮಾಡುವುದು. ಅಂದಾಜು ಮೊತ್ತ (ಲಕ್ಷಗಳಲ್ಲಿ): 500000.

ಕಾಮಗಾರಿಗೆ ಪೂರೈಸಬೇಕಾದ ಸಾಮಗ್ರಿ ಮೊತ್ತ(ರೂ.ಗಳಲ್ಲಿ): 400000.

05.ದೇವಲಾಪುರ ಗ್ರಾಮದ ಕಟ್ಟ ಹನುಮಪ್ಪ ಮನೆ ಹತ್ತಿರ ಶಂಕರಪ್ಪ ಮನೆಯವರೆಗೆ ಬಾಕ್ಸ್ ಚರಂಡಿ ಮಾಡುವುದು. ಅಂದಾಜು ಮೊತ್ತ (ಲಕ್ಷಗಳಲ್ಲಿ): 500000.

ಕಾಮಗಾರಿಗೆ ಪೂರೈಸಬೇಕಾದ ಸಾಮಗ್ರಿ ಮೊತ್ತ(ರೂ.ಗಳಲ್ಲಿ): 400000.

ದರಪಟ್ಟಿ ವಿತರಿಸುವ ದಿನಾಂಕ: 01.02.2025 ರಿಂದ 13.02.2025 ರ ವರೆಗೆ. ದರಪಟ್ಟಿ ಸ್ವೀಕರಿಸುವ ಕೊನೆಯ ದಿನಾಂಕ: 13.02.2025 ರ ಸಂಜೆ 5.00 ಗಂಟೆಯವರೆಗೆ. ದರಪಟ್ಟಿ ತೆರೆಯುವ ದಿನಾಂಕ: 14.02.2025 ರ ಮಧ್ಯಾಹ್ನ 12.30ಕ್ಕೆ. ಸರಬರಾಜುದಾರರು ಜಿಎಸ್ಟಿ ನೋಂದಣಿ ಹೊಂದಿರಬೇಕು. ದರಪಟ್ಟಿಯನ್ನು ಅಂಗೀಕರಿಸುವ ಅಥವಾ ತಿರಸ್ಕರಿಸುವ ಅಧಿಕಾರ ಗ್ರಾಮ ಪಂಚಾಯಿತಿಯದ್ದಾಗಿರುತ್ತದೆ.
ಸಹಿ/-ಅಧ್ಯಕ್ಷರು,
ಗ್ರಾಮ ಪಂಚಾಯಿತಿ, ದೇವಲಾಪುರ.
ಸಹಿ/-ಪಂಚಾಯಿತಿ ಅಭಿವೃದ್ಧಿ ಅಧಿಕಾರಿ
ಗ್ರಾಮ ಪಂಚಾಯಿತಿ, ದೇವಲಾಪುರ.
ಡಿಐಪಿಆರ್/ಬಳ್ಳಾರಿ/856/ಕೆಜಿಎಂಎಂ/2023-24
ಬುದ್ಧಿಮಾಂದ್ಯ ಮಕ್ಕಳವಸತಿ ಶಾಲೆಯಲ್ಲಿ ಜನ್ಮದಿನ ಆಚರಣೆ
ಕನ್ನಡನಾಡು ವಾರ್ತೆ
ಕೊಪ್ಪಳ,ಫೆ.2: ಸಮಾಜ ಸೇವಕ ಹಾಗೂ ಹೈಕೋರ್ಟ್ ವಕೀಲ ಎಸ್.ಪಿ. ಬಂಗಾರಪ್ಪ ಅವರ ತಮ್ಮ ಜನ್ಮದಿನವನ್ನು ವಿಶೇಷವಾಗಿ ಬುದ್ಧಿಮಾಂದ್ಯ ಮಕ್ಕಳ ವಸತಿ ಶಾಲೆಯಲ್ಲಿ ಆಚರಿಸಿದರು. ಮಕ್ಕಳಿಗೆ ಸಿಹಿ ಹಂಚಿ, ಹಣ್ಣು ಹಂಪಲು ವಿತರಿಸಿ ಸಂಭ್ರಮಿಸಿದರು. ಇಂತಹ ಮಕ್ಕಳ ಸೇವೆ ದೇವರ ಸೇವೆಗೆ ಸಮಾನ. ಸಮಾಜದ ಪ್ರತಿಯೊಬ್ಬರೂ ಇಂತಹ ಮಕ್ಕಳಿಗೆ ನೆರವಾಗಬೇಕು ಎಂದು ಹೇಳಿದರು. ಶಾಲೆಯ ಮುಖ್ಯಸ್ಥರು, ಸಿಬ್ಬಂದಿ ವರ್ಗ ಹಾಗೂ ಸ್ನೇಹಿತರು ಭಾಗವಹಿಸಿದ್ದರು. ಮಕ್ಕಳು ಹಾಡು, ನೃತ್ಯ ಪ್ರದರ್ಶಿಸಿದರು.
ಸಮಾಜ ಸೇವಕ ಹಾಗೂ ಹೈಕೋರ್ಟ್ ವಕೀಲ ಎಸ್.ಪಿ. ಬಂಗಾರಪ್ಪ ಅವರ ತಮ್ಮ ಜನ್ಮದಿನವನ್ನು ವಿಶೇಷವಾಗಿ ಬುದ್ಧಿಮಾಂದ್ಯ ಮಕ್ಕಳ ವಸತಿ ಶಾಲೆಯಲ್ಲಿ ಆಚರಿಸಿದರು. ಮಕ್ಕಳಿಗೆ ಸಿಹಿ ಹಂಚಿ, ಹಣ್ಣು ಹಂಪಲು ವಿತರಿಸಿ ಸಂಭ್ರಮಿಸಿದರು. ಇಂತಹ ಮಕ್ಕಳ ಸೇವೆ ದೇವರ ಸೇವೆಗೆ ಸಮಾನ. ಸಮಾಜದ ಪ್ರತಿಯೊಬ್ಬರೂ ಇಂತಹ ಮಕ್ಕಳಿಗೆ ನೆರವಾಗಬೇಕು ಎಂದು ಹೇಳಿದರು. ಶಾಲೆಯ ಮುಖ್ಯಸ್ಥರು, ಸಿಬ್ಬಂದಿ ವರ್ಗ ಹಾಗೂ ಸ್ನೇಹಿತರು ಭಾಗವಹಿಸಿದ್ದರು. ಮಕ್ಕಳು ಹಾಡು, ನೃತ್ಯ ಪ್ರದರ್ಶಿಸಿದರು.
